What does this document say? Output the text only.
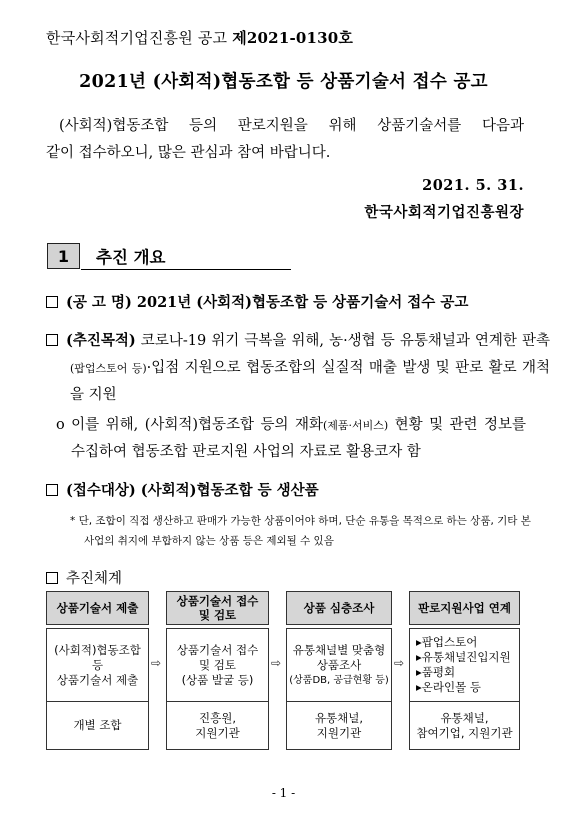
한국사회적기업진흥원 공고 제2021-0130호
2021년 (사회적)협동조합 등 상품기술서 접수 공고
(사회적)협동조합 등의 판로지원을 위해 상품기술서를 다음과
같이 접수하오니, 많은 관심과 참여 바랍니다.
2021. 5. 31.
한국사회적기업진흥원장
1	추진 개요
(공 고 명) 2021년 (사회적)협동조합 등 상품기술서 접수 공고
(추진목적) 코로나-19 위기 극복을 위해, 농·생협 등 유통채널과 연계한 판촉(팝업스토어 등)·입점 지원으로 협동조합의 실질적 매출 발생 및 판로 활로 개척을 지원
o 이를 위해, (사회적)협동조합 등의 재화(제품·서비스) 현황 및 관련 정보를 수집하여 협동조합 판로지원 사업의 자료로 활용코자 함
(접수대상) (사회적)협동조합 등 생산품
* 단, 조합이 직접 생산하고 판매가 가능한 상품이어야 하며, 단순 유통을 목적으로 하는 상품, 기타 본 사업의 취지에 부합하지 않는 상품 등은 제외될 수 있음
추진체계
상품기술서 제출
(사회적)협동조합 등
상품기술서 제출
개별 조합
⇨
상품기술서 접수
및 검토
상품기술서 접수
및 검토
(상품 발굴 등)
진흥원,
지원기관
⇨
상품 심층조사
유통채널별 맞춤형
상품조사
(상품DB, 공급현황 등)
유통채널,
지원기관
⇨
판로지원사업 연계
▸팝업스토어
▸유통채널진입지원
▸품평회
▸온라인몰 등
유통채널,
참여기업, 지원기관
- 1 -
